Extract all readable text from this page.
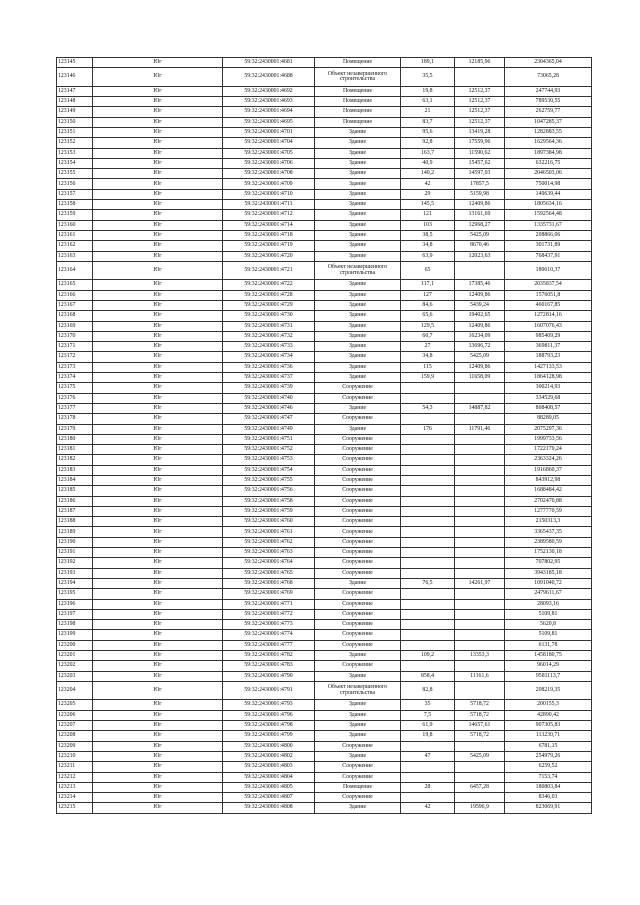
123145	Юг	59:32:2430001:4681	Помещение	189,1	12185,96	2304365,04
123146	Юг	59:32:2430001:4688	Объект незавершенного строительства	35,5		73065,28
123147	Юг	59:32:2430001:4692	Помещение	19,8	12512,37	247744,93
123148	Юг	59:32:2430001:4693	Помещение	63,1	12512,37	789530,55
123149	Юг	59:32:2430001:4694	Помещение	21	12512,37	262759,77
123150	Юг	59:32:2430001:4695	Помещение	83,7	12512,37	1047285,37
123151	Юг	59:32:2430001:4701	Здание	95,6	13419,28	1282883,55
123152	Юг	59:32:2430001:4704	Здание	92,8	17559,96	1629564,36
123153	Юг	59:32:2430001:4705	Здание	163,7	11590,62	1897384,98
123154	Юг	59:32:2430001:4706	Здание	40,9	15457,62	632216,75
123155	Юг	59:32:2430001:4708	Здание	140,2	14597,03	2046503,06
123156	Юг	59:32:2430001:4709	Здание	42	17857,5	750014,98
123157	Юг	59:32:2430001:4710	Здание	29	5159,98	149639,44
123158	Юг	59:32:2430001:4711	Здание	145,5	12409,86	1805634,16
123159	Юг	59:32:2430001:4712	Здание	121	13161,69	1592564,48
123160	Юг	59:32:2430001:4714	Здание	103	12968,27	1335731,67
123161	Юг	59:32:2430001:4718	Здание	38,5	5425,09	208866,06
123162	Юг	59:32:2430001:4719	Здание	34,8	8670,46	301731,89
123163	Юг	59:32:2430001:4720	Здание	63,9	12023,63	768437,91
123164	Юг	59:32:2430001:4721	Объект незавершенного строительства	65		189610,37
123165	Юг	59:32:2430001:4722	Здание	117,1	17385,46	2035837,54
123166	Юг	59:32:2430001:4728	Здание	127	12409,86	1576051,8
123167	Юг	59:32:2430001:4729	Здание	84,6	5439,24	460167,85
123168	Юг	59:32:2430001:4730	Здание	65,6	19402,65	1272814,16
123169	Юг	59:32:2430001:4731	Здание	129,5	12409,86	1607076,43
123170	Юг	59:32:2430001:4732	Здание	60,7	16234,09	985409,29
123171	Юг	59:32:2430001:4733	Здание	27	13696,72	369811,37
123172	Юг	59:32:2430001:4734	Здание	34,8	5425,09	188793,23
123173	Юг	59:32:2430001:4736	Здание	115	12409,86	1427133,53
123174	Юг	59:32:2430001:4737	Здание	159,9	11658,09	1864128,98
123175	Юг	59:32:2430001:4739	Сооружение			300214,93
123176	Юг	59:32:2430001:4740	Сооружение			334529,68
123177	Юг	59:32:2430001:4746	Здание	54,3	14887,82	808408,57
123178	Юг	59:32:2430001:4747	Сооружение			88289,05
123179	Юг	59:32:2430001:4749	Здание	176	11791,46	2075297,36
123180	Юг	59:32:2430001:4751	Сооружение			1999733,56
123181	Юг	59:32:2430001:4752	Сооружение			1722179,24
123182	Юг	59:32:2430001:4753	Сооружение			2363324,26
123183	Юг	59:32:2430001:4754	Сооружение			1916860,37
123184	Юг	59:32:2430001:4755	Сооружение			843912,98
123185	Юг	59:32:2430001:4756	Сооружение			1688484,42
123186	Юг	59:32:2430001:4758	Сооружение			2702470,88
123187	Юг	59:32:2430001:4759	Сооружение			1277770,59
123188	Юг	59:32:2430001:4760	Сооружение			2150313,3
123189	Юг	59:32:2430001:4761	Сооружение			3365437,35
123190	Юг	59:32:2430001:4762	Сооружение			2389580,59
123191	Юг	59:32:2430001:4763	Сооружение			1752130,18
123192	Юг	59:32:2430001:4764	Сооружение			707802,95
123193	Юг	59:32:2430001:4765	Сооружение			3943185,18
123194	Юг	59:32:2430001:4768	Здание	76,5	14261,97	1091040,72
123195	Юг	59:32:2430001:4769	Сооружение			2479611,67
123196	Юг	59:32:2430001:4771	Сооружение			28093,16
123197	Юг	59:32:2430001:4772	Сооружение			5109,81
123198	Юг	59:32:2430001:4773	Сооружение			5620,8
123199	Юг	59:32:2430001:4774	Сооружение			5109,81
123200	Юг	59:32:2430001:4777	Сооружение			6131,78
123201	Юг	59:32:2430001:4782	Здание	109,2	13353,3	1458180,75
123202	Юг	59:32:2430001:4783	Сооружение			96014,29
123203	Юг	59:32:2430001:4790	Здание	858,4	11161,6	9581113,7
123204	Юг	59:32:2430001:4791	Объект незавершенного строительства	82,8		208219,35
123205	Юг	59:32:2430001:4793	Здание	35	5718,72	200155,3
123206	Юг	59:32:2430001:4796	Здание	7,5	5718,72	42890,42
123207	Юг	59:32:2430001:4798	Здание	61,9	14657,61	907305,83
123208	Юг	59:32:2430001:4799	Здание	19,8	5718,72	113230,71
123209	Юг	59:32:2430001:4800	Сооружение			6781,15
123210	Юг	59:32:2430001:4802	Здание	47	5425,09	254979,26
123211	Юг	59:32:2430001:4803	Сооружение			6259,52
123212	Юг	59:32:2430001:4804	Сооружение			7153,74
123213	Юг	59:32:2430001:4805	Помещение	28	6457,28	180803,84
123214	Юг	59:32:2430001:4807	Сооружение			8346,03
123215	Юг	59:32:2430001:4808	Здание	42	19596,9	823069,91
